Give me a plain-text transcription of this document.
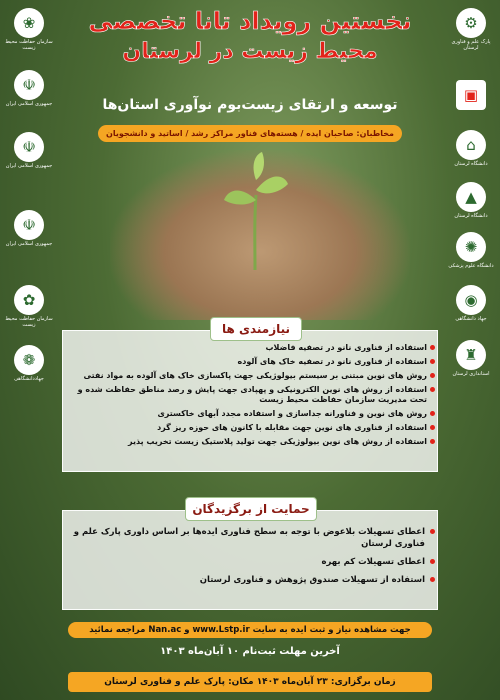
❀
سازمان حفاظت محیط زیست
☫
جمهوری اسلامی ایران
☫
جمهوری اسلامی ایران
☫
جمهوری اسلامی ایران
✿
سازمان حفاظت محیط زیست
❁
جهاددانشگاهی
⚙
پارک علم و فناوری لرستان
▣
⌂
دانشگاه لرستان
▲
دانشگاه لرستان
✺
دانشگاه علوم پزشکی
◉
جهاد دانشگاهی
♜
استانداری لرستان
نخستین رویداد تانا تخصصی
محیط زیست در لرستان
توسعه و ارتقای زیست‌بوم نوآوری استان‌ها
مخاطبان: صاحبان ایده / هسته‌های فناور مراکز رشد / اساتید و دانشجویان
استفاده از فناوری نانو در تصفیه فاضلاب
استفاده از فناوری نانو در تصفیه خاک های آلوده
روش های نوین مبتنی بر سیستم بیولوژیکی جهت پاکسازی خاک های آلوده به مواد نفتی
استفاده از روش های نوین الکترونیکی و پهپادی جهت پایش و رصد مناطق حفاظت شده و تحت مدیریت سازمان حفاظت محیط زیست
روش های نوین و فناورانه جداسازی و استفاده مجدد آبهای خاکستری
استفاده از فناوری های نوین جهت مقابله با کانون های حوزه ریز گرد
استفاده از روش های نوین بیولوژیکی جهت تولید پلاستیک زیست تخریب پذیر
نیازمندی ها
اعطای تسهیلات بلاعوض با توجه به سطح فناوری ایده‌ها بر اساس داوری پارک علم و فناوری لرستان
اعطای تسهیلات کم بهره
استفاده از تسهیلات صندوق پژوهش و فناوری لرستان
حمایت از برگزیدگان
جهت مشاهده نیاز و ثبت ایده به سایت www.Lstp.ir و Nan.ac مراجعه نمائید
آخرین مهلت ثبت‌نام ۱۰ آبان‌ماه ۱۴۰۳
زمان برگزاری: ۲۳ آبان‌ماه ۱۴۰۳ مکان: پارک علم و فناوری لرستان
